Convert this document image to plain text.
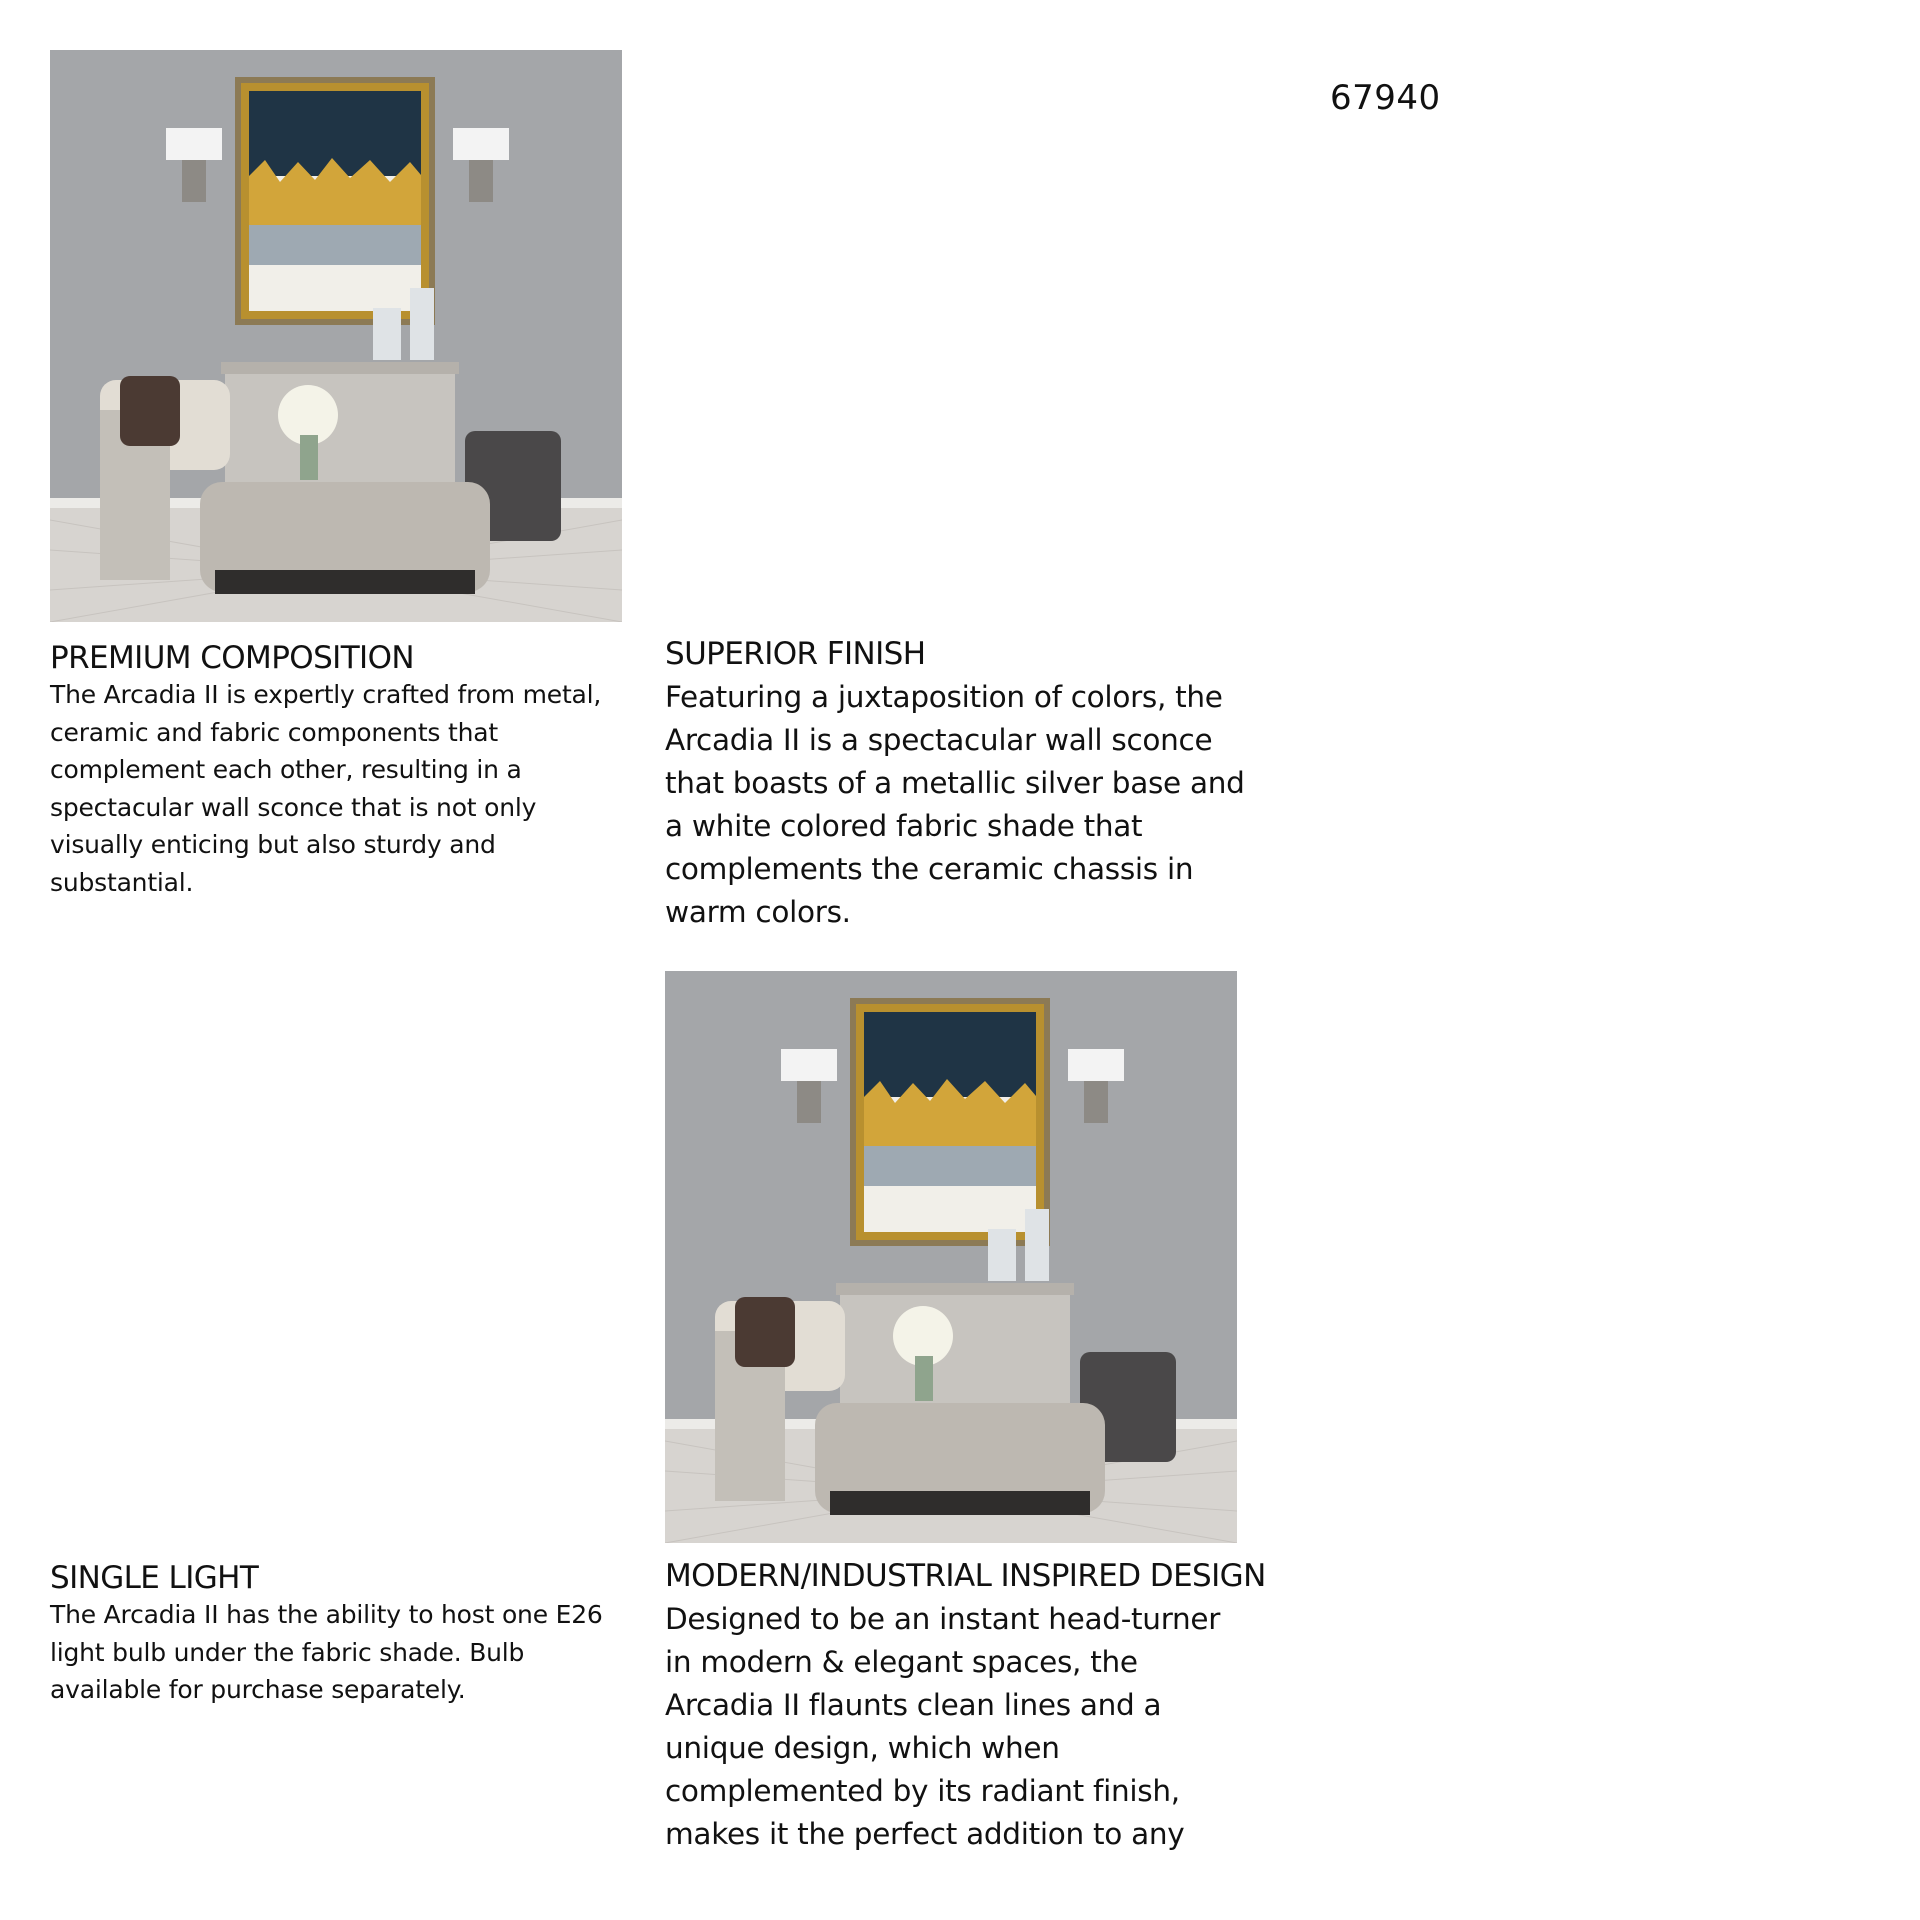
67940

PREMIUM COMPOSITION

The Arcadia II is expertly crafted from metal,
ceramic and fabric components that
complement each other, resulting in a
spectacular wall sconce that is not only
visually enticing but also sturdy and
substantial.

SUPERIOR FINISH

Featuring a juxtaposition of colors, the
Arcadia II is a spectacular wall sconce
that boasts of a metallic silver base and
a white colored fabric shade that
complements the ceramic chassis in
warm colors.

SINGLE LIGHT

The Arcadia II has the ability to host one E26
light bulb under the fabric shade. Bulb
available for purchase separately.

MODERN/INDUSTRIAL INSPIRED DESIGN

Designed to be an instant head-turner
in modern & elegant spaces, the
Arcadia II flaunts clean lines and a
unique design, which when
complemented by its radiant finish,
makes it the perfect addition to any
